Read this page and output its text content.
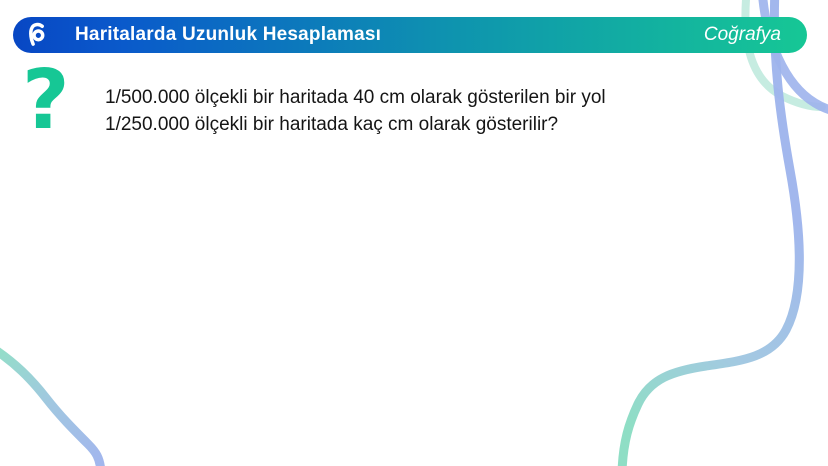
Haritalarda Uzunluk Hesaplaması	Coğrafya
? 1/500.000 ölçekli bir haritada 40 cm olarak gösterilen bir yol
1/250.000 ölçekli bir haritada kaç cm olarak gösterilir?
